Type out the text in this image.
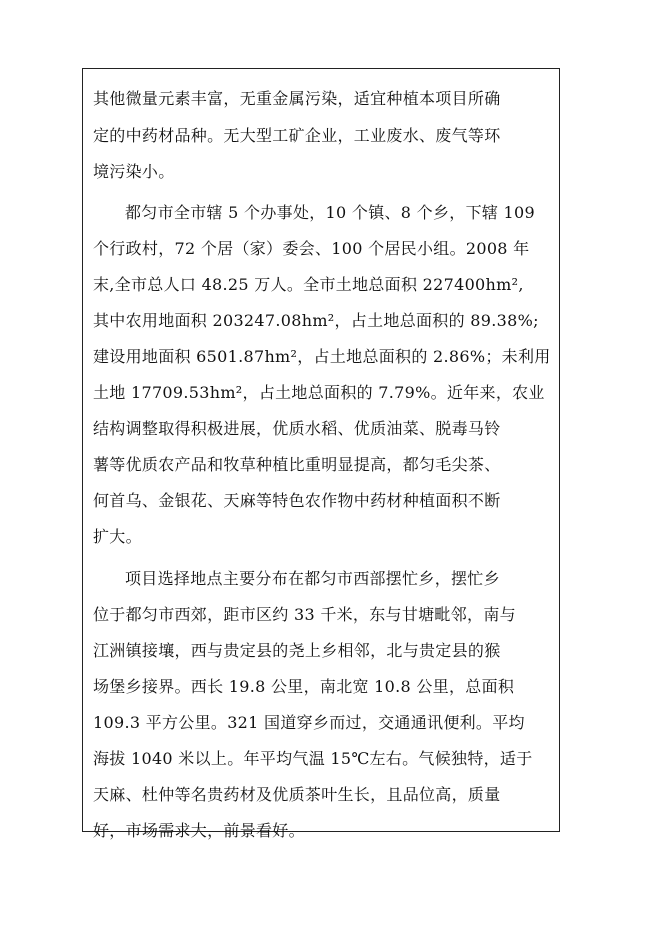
其他微量元素丰富，无重金属污染，适宜种植本项目所确
定的中药材品种。无大型工矿企业，工业废水、废气等环
境污染小。
都匀市全市辖 5 个办事处，10 个镇、8 个乡，下辖 109
个行政村，72 个居（家）委会、100 个居民小组。2008 年
末,全市总人口 48.25 万人。全市土地总面积 227400hm²,
其中农用地面积 203247.08hm²，占土地总面积的 89.38%;
建设用地面积 6501.87hm²，占土地总面积的 2.86%；未利用
土地 17709.53hm²，占土地总面积的 7.79%。近年来，农业
结构调整取得积极进展，优质水稻、优质油菜、脱毒马铃
薯等优质农产品和牧草种植比重明显提高，都匀毛尖茶、
何首乌、金银花、天麻等特色农作物中药材种植面积不断
扩大。
项目选择地点主要分布在都匀市西部摆忙乡，摆忙乡
位于都匀市西郊，距市区约 33 千米，东与甘塘毗邻，南与
江洲镇接壤，西与贵定县的尧上乡相邻，北与贵定县的猴
场堡乡接界。西长 19.8 公里，南北宽 10.8 公里，总面积
109.3 平方公里。321 国道穿乡而过，交通通讯便利。平均
海拔 1040 米以上。年平均气温 15℃左右。气候独特，适于
天麻、杜仲等名贵药材及优质茶叶生长，且品位高，质量
好，市场需求大，前景看好。
